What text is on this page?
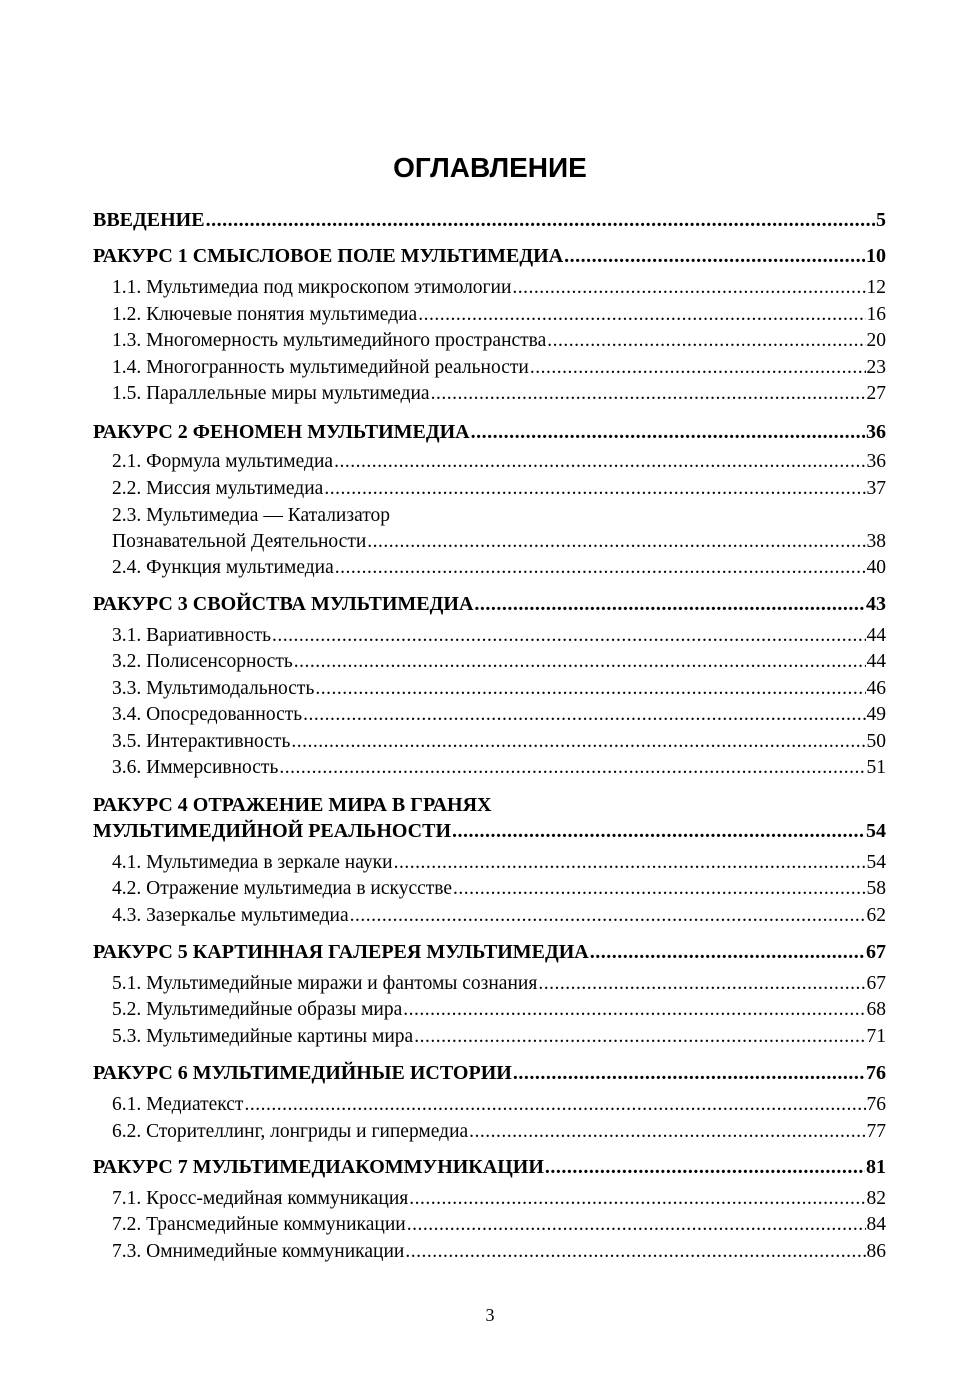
ОГЛАВЛЕНИЕ
ВВЕДЕНИЕ .....	5
РАКУРС 1 СМЫСЛОВОЕ ПОЛЕ МУЛЬТИМЕДИА .....	10
1.1. Мультимедиа под микроскопом этимологии .....	12
1.2. Ключевые понятия мультимедиа .....	16
1.3. Многомерность мультимедийного пространства .....	20
1.4. Многогранность мультимедийной реальности .....	23
1.5. Параллельные миры мультимедиа .....	27
РАКУРС 2 ФЕНОМЕН МУЛЬТИМЕДИА .....	36
2.1. Формула мультимедиа .....	36
2.2. Миссия мультимедиа .....	37
2.3. Мультимедиа — Катализатор
Познавательной Деятельности .....	38
2.4. Функция мультимедиа .....	40
РАКУРС 3 СВОЙСТВА МУЛЬТИМЕДИА .....	43
3.1. Вариативность .....	44
3.2. Полисенсорность .....	44
3.3. Мультимодальность .....	46
3.4. Опосредованность .....	49
3.5. Интерактивность .....	50
3.6. Иммерсивность .....	51
РАКУРС 4 ОТРАЖЕНИЕ МИРА В ГРАНЯХ
МУЛЬТИМЕДИЙНОЙ РЕАЛЬНОСТИ .....	54
4.1. Мультимедиа в зеркале науки .....	54
4.2. Отражение мультимедиа в искусстве .....	58
4.3. Зазеркалье мультимедиа .....	62
РАКУРС 5 КАРТИННАЯ ГАЛЕРЕЯ МУЛЬТИМЕДИА .....	67
5.1. Мультимедийные миражи и фантомы сознания .....	67
5.2. Мультимедийные образы мира .....	68
5.3. Мультимедийные картины мира .....	71
РАКУРС 6 МУЛЬТИМЕДИЙНЫЕ ИСТОРИИ .....	76
6.1. Медиатекст .....	76
6.2. Сторителлинг, лонгриды и гипермедиа .....	77
РАКУРС 7 МУЛЬТИМЕДИАКОММУНИКАЦИИ .....	81
7.1. Кросс-медийная коммуникация .....	82
7.2. Трансмедийные коммуникации .....	84
7.3. Омнимедийные коммуникации .....	86
3
